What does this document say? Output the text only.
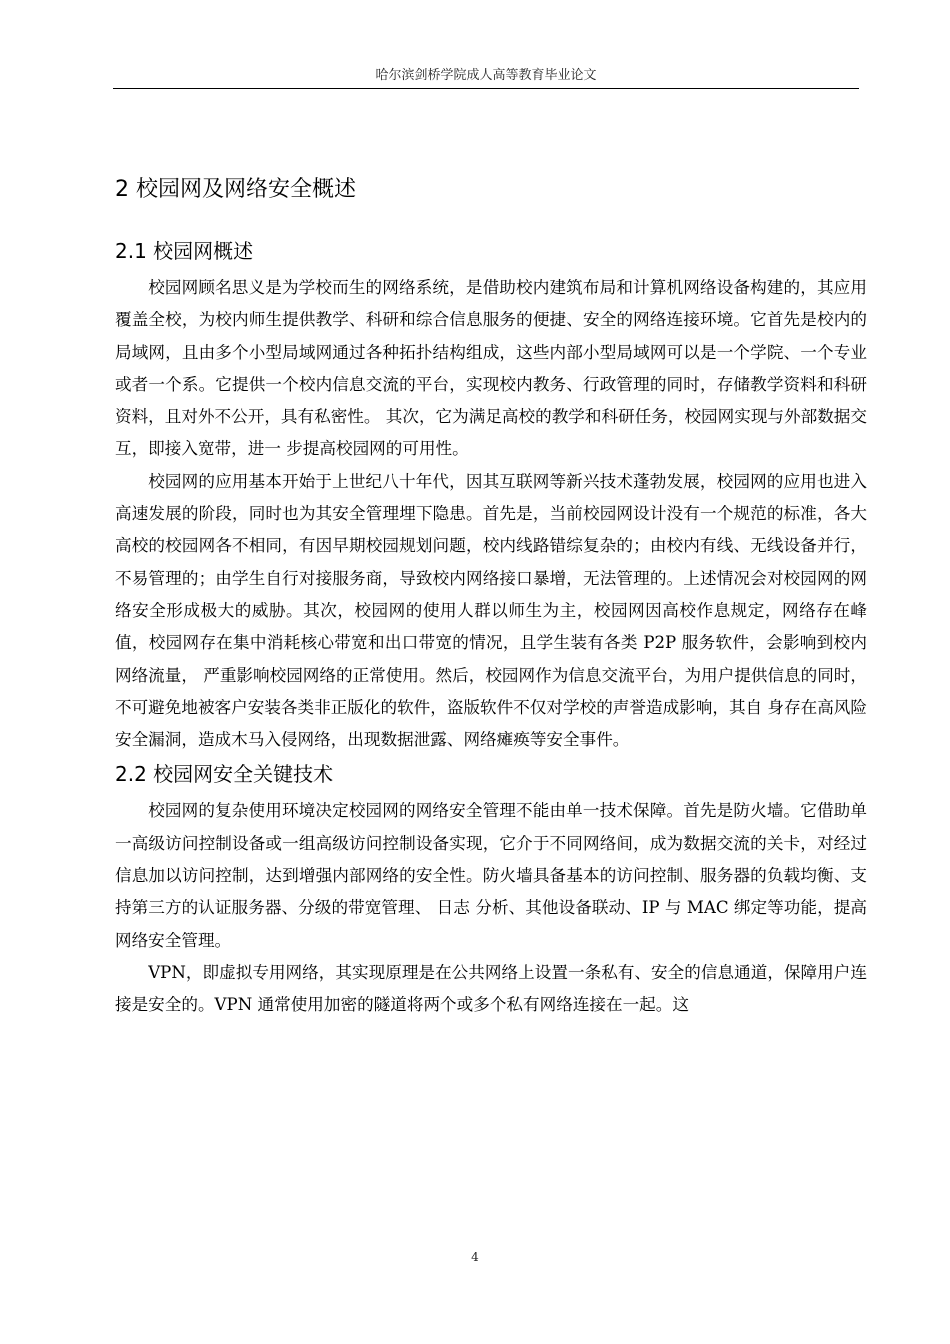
哈尔滨剑桥学院成人高等教育毕业论文
2 校园网及网络安全概述
2.1 校园网概述

校园网顾名思义是为学校而生的网络系统，是借助校内建筑布局和计算机网络设备构建的，其应用覆盖全校，为校内师生提供教学、科研和综合信息服务的便捷、安全的网络连接环境。它首先是校内的局域网，且由多个小型局域网通过各种拓扑结构组成，这些内部小型局域网可以是一个学院、一个专业或者一个系。它提供一个校内信息交流的平台，实现校内教务、行政管理的同时，存储教学资料和科研资料，且对外不公开，具有私密性。 其次，它为满足高校的教学和科研任务，校园网实现与外部数据交互，即接入宽带，进一 步提高校园网的可用性。

校园网的应用基本开始于上世纪八十年代，因其互联网等新兴技术蓬勃发展，校园网的应用也进入高速发展的阶段，同时也为其安全管理埋下隐患。首先是，当前校园网设计没有一个规范的标准，各大高校的校园网各不相同，有因早期校园规划问题，校内线路错综复杂的；由校内有线、无线设备并行，不易管理的；由学生自行对接服务商，导致校内网络接口暴增，无法管理的。上述情况会对校园网的网络安全形成极大的威胁。其次，校园网的使用人群以师生为主，校园网因高校作息规定，网络存在峰值，校园网存在集中消耗核心带宽和出口带宽的情况，且学生装有各类 P2P 服务软件，会影响到校内网络流量， 严重影响校园网络的正常使用。然后，校园网作为信息交流平台，为用户提供信息的同时， 不可避免地被客户安装各类非正版化的软件，盗版软件不仅对学校的声誉造成影响，其自 身存在高风险安全漏洞，造成木马入侵网络，出现数据泄露、网络瘫痪等安全事件。

2.2 校园网安全关键技术

校园网的复杂使用环境决定校园网的网络安全管理不能由单一技术保障。首先是防火墙。它借助单一高级访问控制设备或一组高级访问控制设备实现，它介于不同网络间，成为数据交流的关卡，对经过信息加以访问控制，达到增强内部网络的安全性。防火墙具备基本的访问控制、服务器的负载均衡、支持第三方的认证服务器、分级的带宽管理、 日志 分析、其他设备联动、IP 与 MAC 绑定等功能，提高网络安全管理。

VPN，即虚拟专用网络，其实现原理是在公共网络上设置一条私有、安全的信息通道，保障用户连接是安全的。VPN 通常使用加密的隧道将两个或多个私有网络连接在一起。这

4
